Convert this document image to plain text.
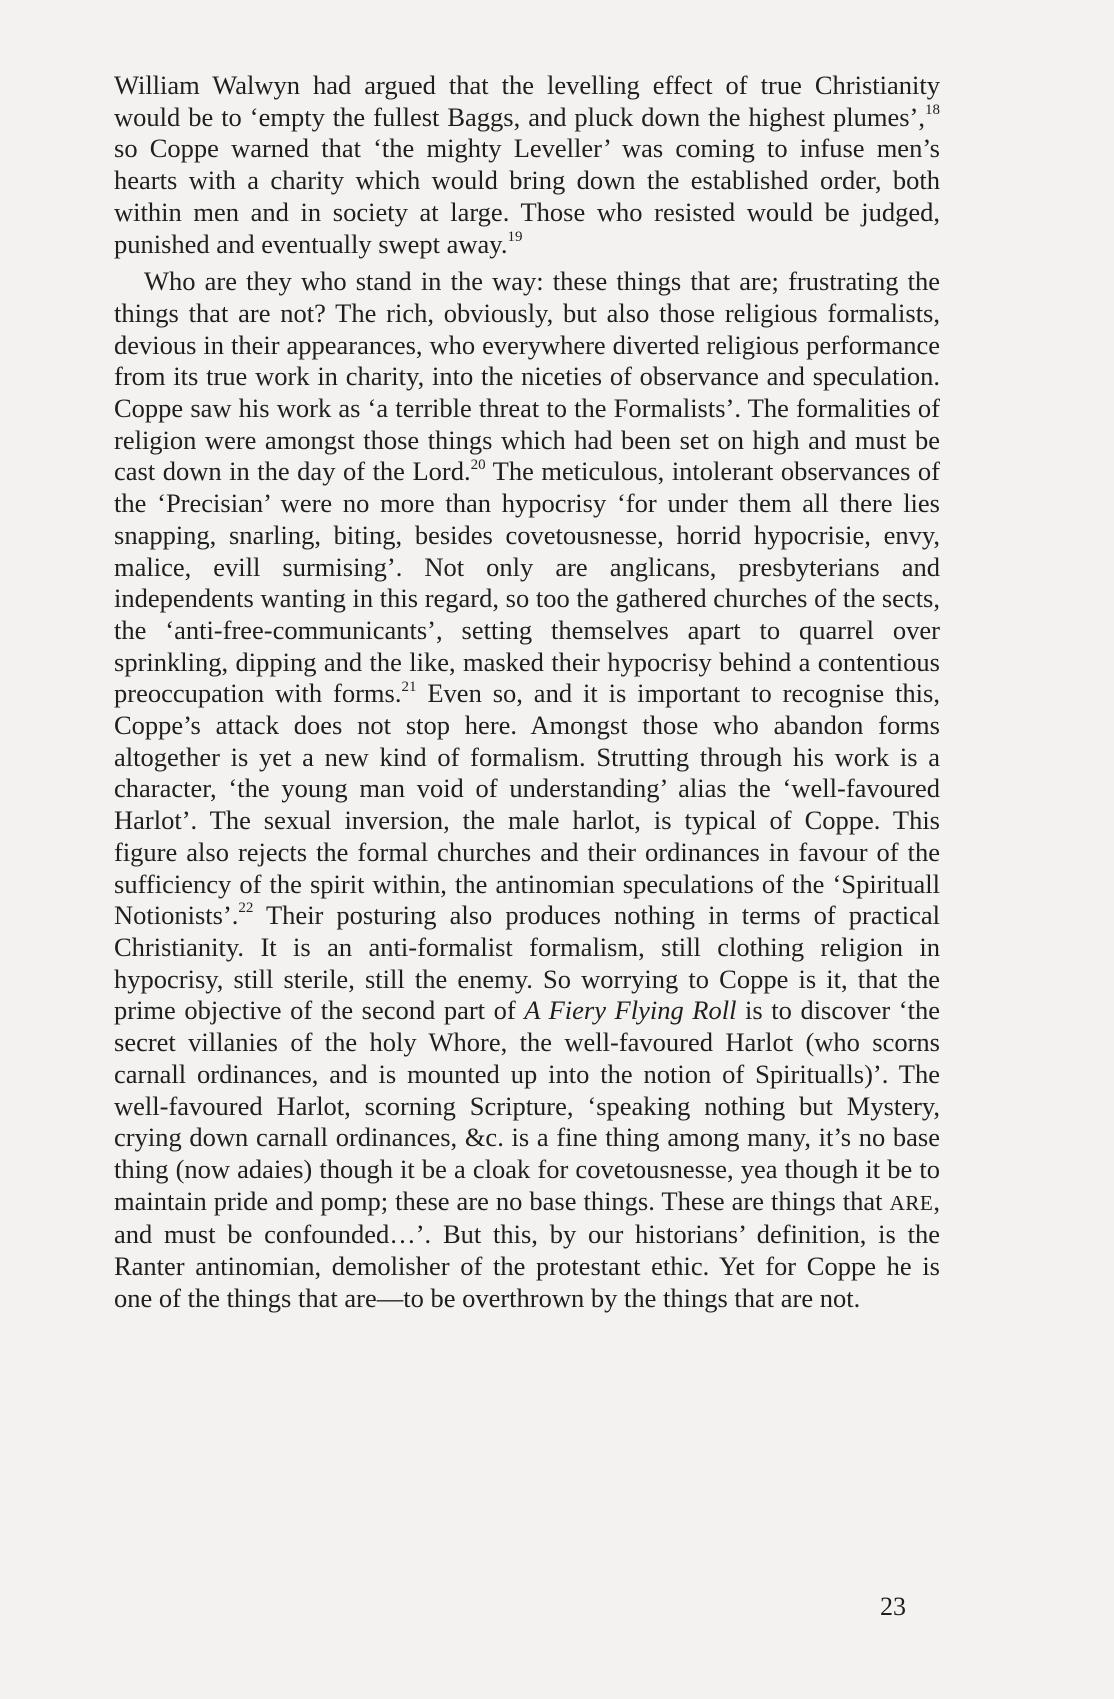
William Walwyn had argued that the levelling effect of true Christianity would be to ‘empty the fullest Baggs, and pluck down the highest plumes’,$^{18}$ so Coppe warned that ‘the mighty Leveller’ was coming to infuse men’s hearts with a charity which would bring down the established order, both within men and in society at large. Those who resisted would be judged, punished and eventually swept away.$^{19}$

Who are they who stand in the way: these things that are; frustrating the things that are not? The rich, obviously, but also those religious formalists, devious in their appearances, who everywhere diverted religious performance from its true work in charity, into the niceties of observance and speculation. Coppe saw his work as ‘a terrible threat to the Formalists’. The formalities of religion were amongst those things which had been set on high and must be cast down in the day of the Lord.$^{20}$ The meticulous, intolerant observances of the ‘Precisian’ were no more than hypocrisy ‘for under them all there lies snapping, snarling, biting, besides covetousnesse, horrid hypocrisie, envy, malice, evill surmising’. Not only are anglicans, presbyterians and independents wanting in this regard, so too the gathered churches of the sects, the ‘anti-free-communicants’, setting themselves apart to quarrel over sprinkling, dipping and the like, masked their hypocrisy behind a contentious preoccupation with forms.$^{21}$ Even so, and it is important to recognise this, Coppe’s attack does not stop here. Amongst those who abandon forms altogether is yet a new kind of formalism. Strutting through his work is a character, ‘the young man void of understanding’ alias the ‘well-favoured Harlot’. The sexual inversion, the male harlot, is typical of Coppe. This figure also rejects the formal churches and their ordinances in favour of the sufficiency of the spirit within, the antinomian speculations of the ‘Spirituall Notionists’.$^{22}$ Their posturing also produces nothing in terms of practical Christianity. It is an anti-formalist formalism, still clothing religion in hypocrisy, still sterile, still the enemy. So worrying to Coppe is it, that the prime objective of the second part of A Fiery Flying Roll is to discover ‘the secret villanies of the holy Whore, the well-favoured Harlot (who scorns carnall ordinances, and is mounted up into the notion of Spiritualls)’. The well-favoured Harlot, scorning Scripture, ‘speaking nothing but Mystery, crying down carnall ordinances, &c. is a fine thing among many, it’s no base thing (now adaies) though it be a cloak for covetousnesse, yea though it be to maintain pride and pomp; these are no base things. These are things that ARE, and must be confounded…’. But this, by our historians’ definition, is the Ranter antinomian, demolisher of the protestant ethic. Yet for Coppe he is one of the things that are—to be overthrown by the things that are not.

23
